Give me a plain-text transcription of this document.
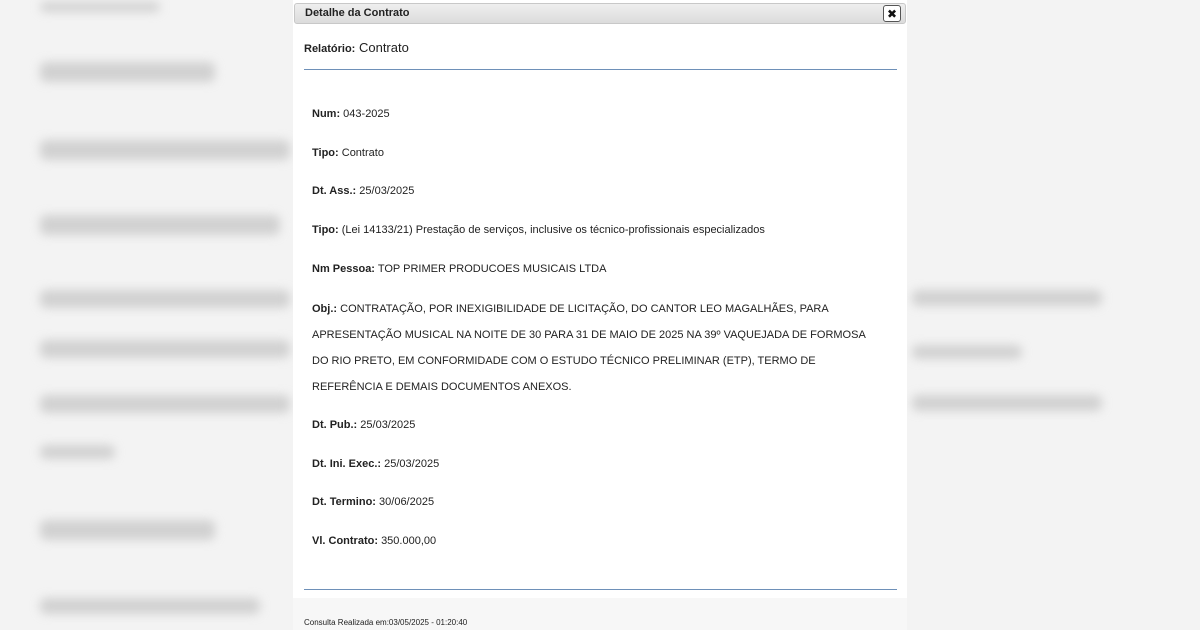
Detalhe da Contrato	✖
Relatório: Contrato
Num: 043-2025
Tipo: Contrato
Dt. Ass.: 25/03/2025
Tipo: (Lei 14133/21) Prestação de serviços, inclusive os técnico-profissionais especializados
Nm Pessoa: TOP PRIMER PRODUCOES MUSICAIS LTDA
Obj.: CONTRATAÇÃO, POR INEXIGIBILIDADE DE LICITAÇÃO, DO CANTOR LEO MAGALHÃES, PARA APRESENTAÇÃO MUSICAL NA NOITE DE 30 PARA 31 DE MAIO DE 2025 NA 39º VAQUEJADA DE FORMOSA DO RIO PRETO, EM CONFORMIDADE COM O ESTUDO TÉCNICO PRELIMINAR (ETP), TERMO DE REFERÊNCIA E DEMAIS DOCUMENTOS ANEXOS.
Dt. Pub.: 25/03/2025
Dt. Ini. Exec.: 25/03/2025
Dt. Termino: 30/06/2025
Vl. Contrato: 350.000,00
Consulta Realizada em:03/05/2025 - 01:20:40
